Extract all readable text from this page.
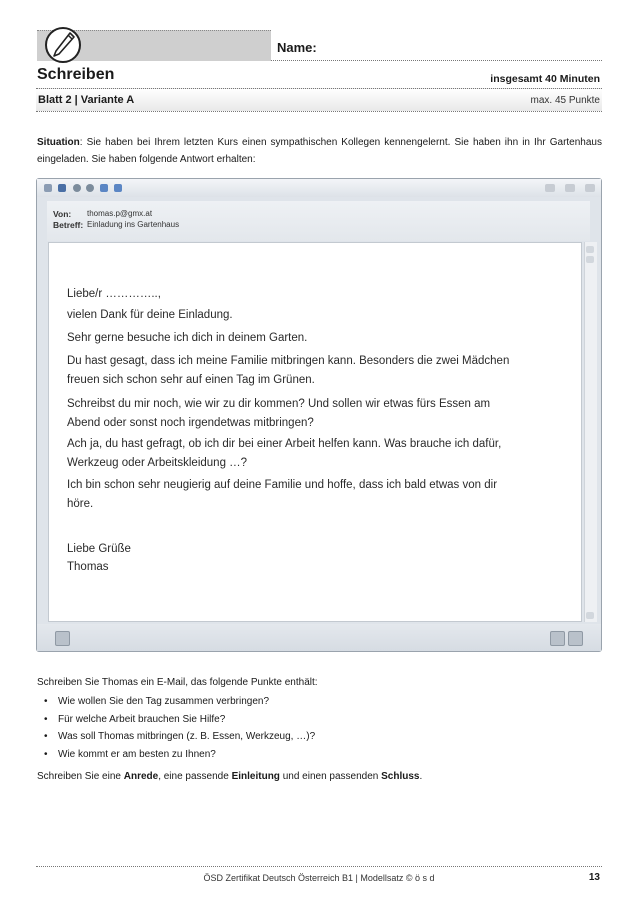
Name:
Schreiben	insgesamt 40 Minuten
Blatt 2 | Variante A	max. 45 Punkte
Situation: Sie haben bei Ihrem letzten Kurs einen sympathischen Kollegen kennengelernt. Sie haben ihn in Ihr Gartenhaus eingeladen. Sie haben folgende Antwort erhalten:
Von: thomas.p@gmx.at
Betreff: Einladung ins Gartenhaus
Liebe/r …………..,
vielen Dank für deine Einladung.
Sehr gerne besuche ich dich in deinem Garten.
Du hast gesagt, dass ich meine Familie mitbringen kann. Besonders die zwei Mädchen
freuen sich schon sehr auf einen Tag im Grünen.
Schreibst du mir noch, wie wir zu dir kommen? Und sollen wir etwas fürs Essen am
Abend oder sonst noch irgendetwas mitbringen?
Ach ja, du hast gefragt, ob ich dir bei einer Arbeit helfen kann. Was brauche ich dafür,
Werkzeug oder Arbeitskleidung …?
Ich bin schon sehr neugierig auf deine Familie und hoffe, dass ich bald etwas von dir
höre.
Liebe Grüße
Thomas
Schreiben Sie Thomas ein E-Mail, das folgende Punkte enthält:
• Wie wollen Sie den Tag zusammen verbringen?
• Für welche Arbeit brauchen Sie Hilfe?
• Was soll Thomas mitbringen (z. B. Essen, Werkzeug, …)?
• Wie kommt er am besten zu Ihnen?
Schreiben Sie eine Anrede, eine passende Einleitung und einen passenden Schluss.
ÖSD Zertifikat Deutsch Österreich B1 | Modellsatz © ö s d	13
